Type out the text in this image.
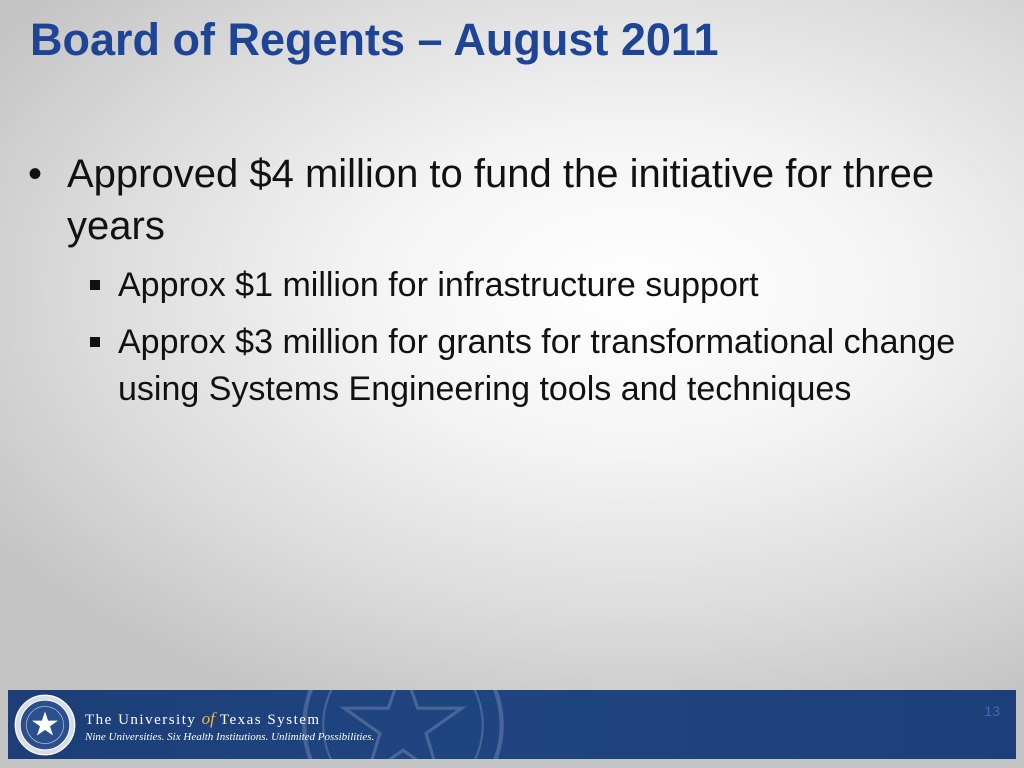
Board of Regents – August 2011
• Approved $4 million to fund the initiative for three years
Approx $1 million for infrastructure support
Approx $3 million for grants for transformational change using Systems Engineering tools and techniques
The University of Texas System
Nine Universities. Six Health Institutions. Unlimited Possibilities.
13
